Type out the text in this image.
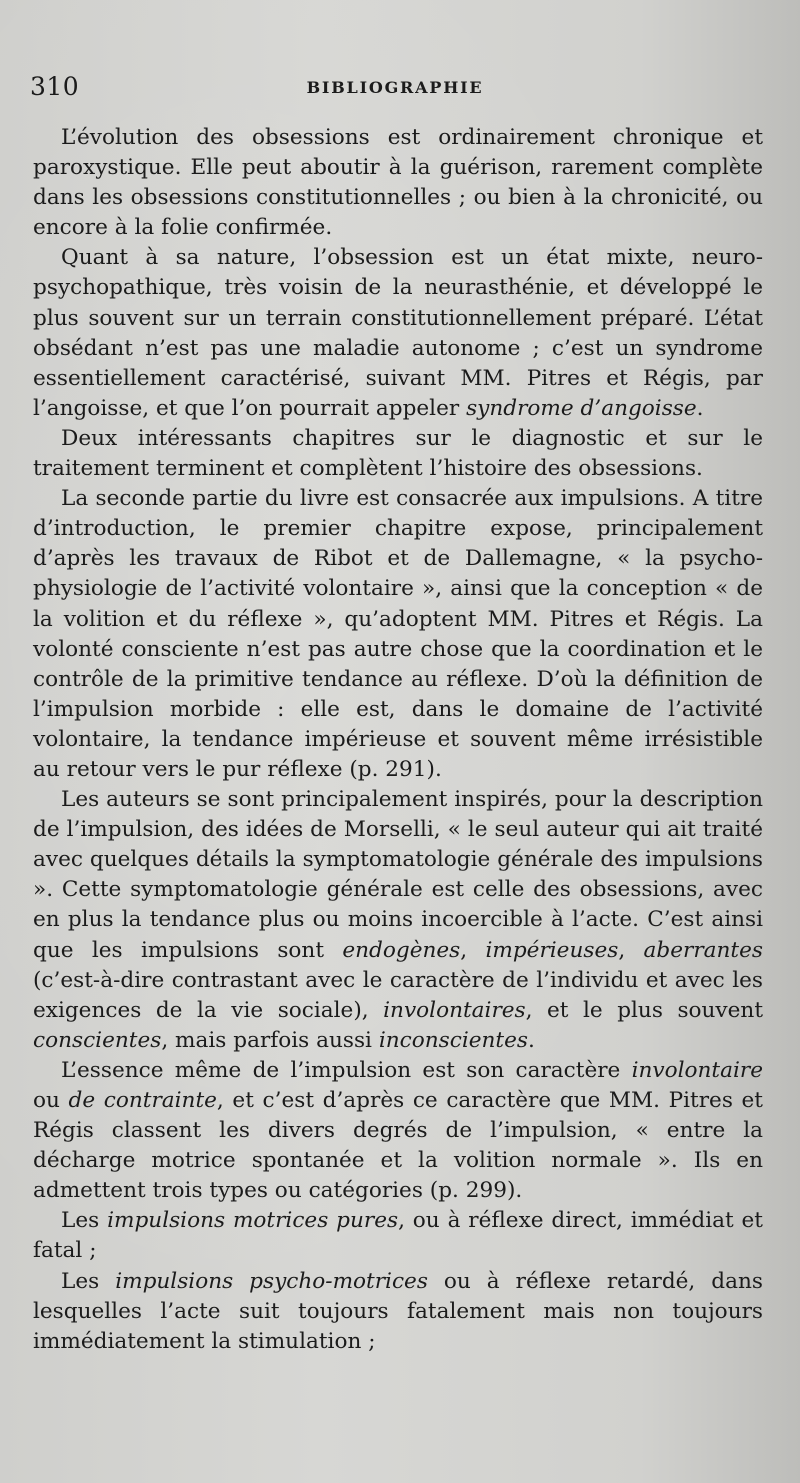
310	BIBLIOGRAPHIE

L’évolution des obsessions est ordinairement chronique et paroxystique. Elle peut aboutir à la guérison, rarement complète dans les obsessions constitutionnelles ; ou bien à la chronicité, ou encore à la folie confirmée.

Quant à sa nature, l’obsession est un état mixte, neuro-psychopathique, très voisin de la neurasthénie, et développé le plus souvent sur un terrain constitutionnellement préparé. L’état obsédant n’est pas une maladie autonome ; c’est un syndrome essentiellement caractérisé, suivant MM. Pitres et Régis, par l’angoisse, et que l’on pourrait appeler syndrome d’angoisse.

Deux intéressants chapitres sur le diagnostic et sur le traitement terminent et complètent l’histoire des obsessions.

La seconde partie du livre est consacrée aux impulsions. A titre d’introduction, le premier chapitre expose, principalement d’après les travaux de Ribot et de Dallemagne, « la psycho-physiologie de l’activité volontaire », ainsi que la conception « de la volition et du réflexe », qu’adoptent MM. Pitres et Régis. La volonté consciente n’est pas autre chose que la coordination et le contrôle de la primitive tendance au réflexe. D’où la définition de l’impulsion morbide : elle est, dans le domaine de l’activité volontaire, la tendance impérieuse et souvent même irrésistible au retour vers le pur réflexe (p. 291).

Les auteurs se sont principalement inspirés, pour la description de l’impulsion, des idées de Morselli, « le seul auteur qui ait traité avec quelques détails la symptomatologie générale des impulsions ». Cette symptomatologie générale est celle des obsessions, avec en plus la tendance plus ou moins incoercible à l’acte. C’est ainsi que les impulsions sont endogènes, impérieuses, aberrantes (c’est-à-dire contrastant avec le caractère de l’individu et avec les exigences de la vie sociale), involontaires, et le plus souvent conscientes, mais parfois aussi inconscientes.

L’essence même de l’impulsion est son caractère involontaire ou de contrainte, et c’est d’après ce caractère que MM. Pitres et Régis classent les divers degrés de l’impulsion, « entre la décharge motrice spontanée et la volition normale ». Ils en admettent trois types ou catégories (p. 299).

Les impulsions motrices pures, ou à réflexe direct, immédiat et fatal ;

Les impulsions psycho-motrices ou à réflexe retardé, dans lesquelles l’acte suit toujours fatalement mais non toujours immédiatement la stimulation ;
